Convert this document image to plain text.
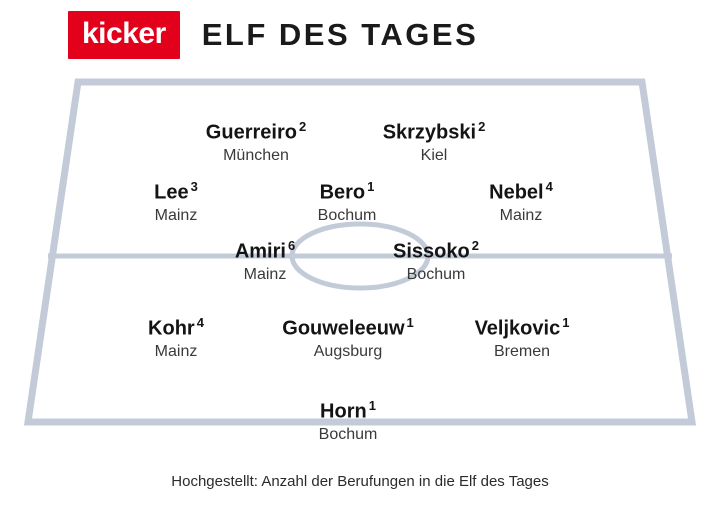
kicker	ELF DES TAGES
Guerreiro $^2$
München
Skrzybski $^2$
Kiel
Lee $^3$
Mainz
Bero $^1$
Bochum
Nebel $^4$
Mainz
Amiri $^6$
Mainz
Sissoko $^2$
Bochum
Kohr $^4$
Mainz
Gouweleeuw $^1$
Augsburg
Veljkovic $^1$
Bremen
Horn $^1$
Bochum
Hochgestellt: Anzahl der Berufungen in die Elf des Tages
